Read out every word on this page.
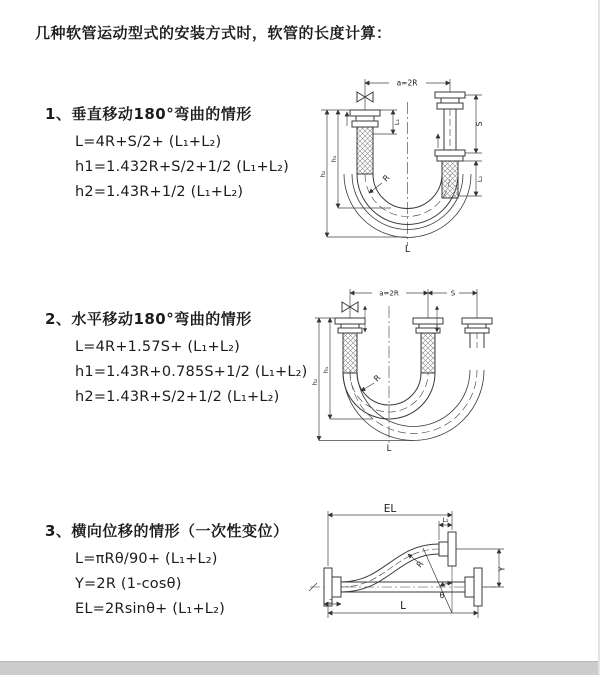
几种软管运动型式的安装方式时，软管的长度计算：
1、垂直移动180°弯曲的情形
L=4R+S/2+ (L₁+L₂)
h1=1.432R+S/2+1/2 (L₁+L₂)
h2=1.43R+1/2 (L₁+L₂)
2、水平移动180°弯曲的情形
L=4R+1.57S+ (L₁+L₂)
h1=1.43R+0.785S+1/2 (L₁+L₂)
h2=1.43R+S/2+1/2 (L₁+L₂)
3、横向位移的情形（一次性变位）
L=πRθ/90+ (L₁+L₂)
Y=2R (1-cosθ)
EL=2Rsinθ+ (L₁+L₂)
a=2R
S
L₂
L₁
h₁
h₂	R
L
a=2R	S
h₁
h₂	R
L
EL
L₂
Y
L
L₁
R
θ
